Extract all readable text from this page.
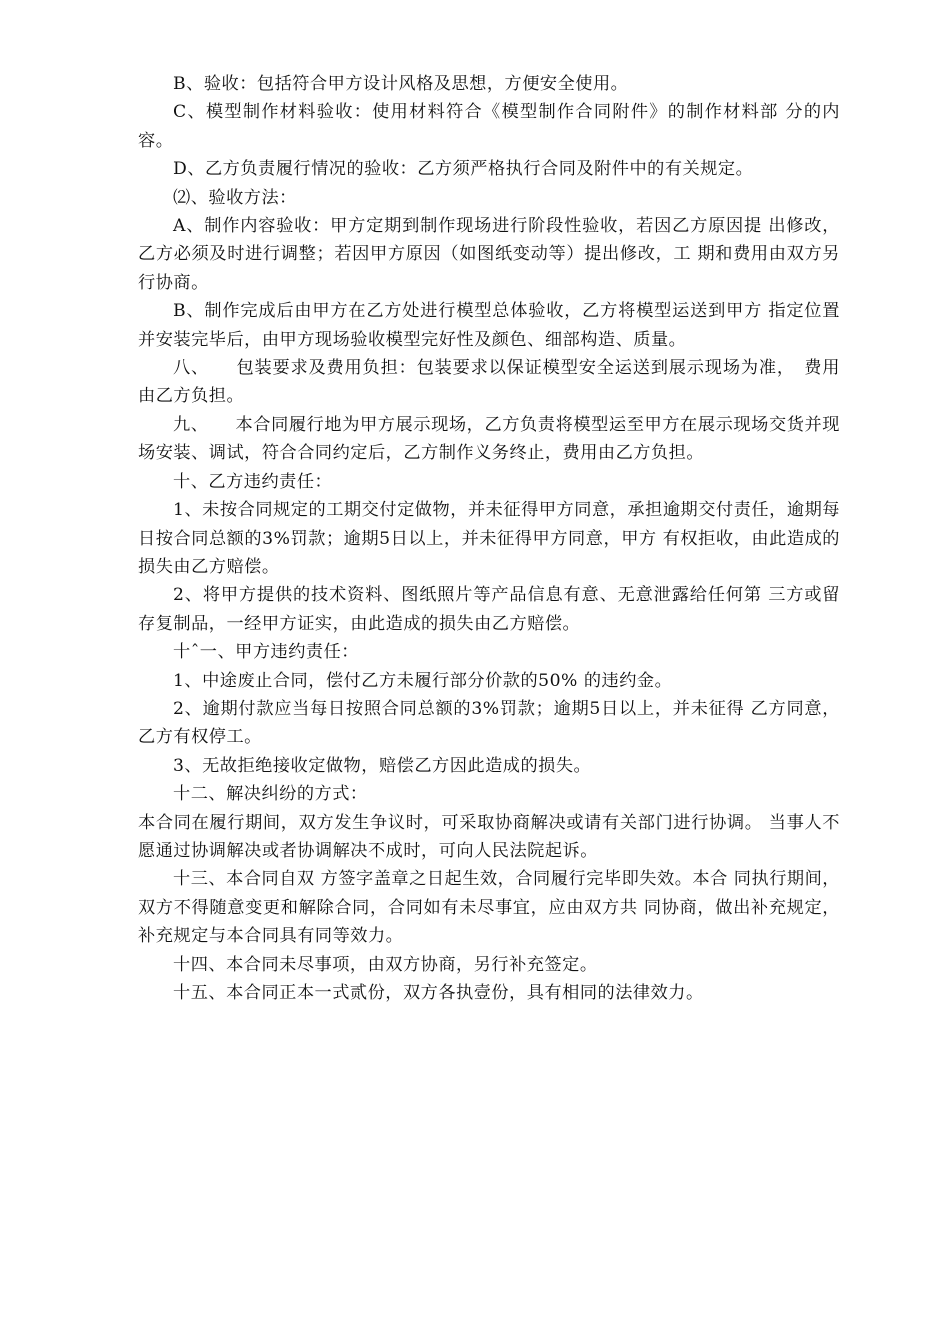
B、验收：包括符合甲方设计风格及思想，方便安全使用。

C、模型制作材料验收：使用材料符合《模型制作合同附件》的制作材料部 分的内容。

D、乙方负责履行情况的验收：乙方须严格执行合同及附件中的有关规定。

⑵、验收方法：

A、制作内容验收：甲方定期到制作现场进行阶段性验收，若因乙方原因提 出修改，乙方必须及时进行调整；若因甲方原因（如图纸变动等）提出修改，工 期和费用由双方另行协商。

B、制作完成后由甲方在乙方处进行模型总体验收，乙方将模型运送到甲方 指定位置并安装完毕后，由甲方现场验收模型完好性及颜色、细部构造、质量。

八、　　包装要求及费用负担：包装要求以保证模型安全运送到展示现场为准，　费用由乙方负担。

九、　　本合同履行地为甲方展示现场，乙方负责将模型运至甲方在展示现场交货并现场安装、调试，符合合同约定后，乙方制作义务终止，费用由乙方负担。

十、乙方违约责任：

1、未按合同规定的工期交付定做物，并未征得甲方同意，承担逾期交付责任，逾期每日按合同总额的3%罚款；逾期5日以上，并未征得甲方同意，甲方 有权拒收，由此造成的损失由乙方赔偿。

2、将甲方提供的技术资料、图纸照片等产品信息有意、无意泄露给任何第 三方或留存复制品，一经甲方证实，由此造成的损失由乙方赔偿。

十ˆ一、甲方违约责任：

1、中途废止合同，偿付乙方未履行部分价款的50% 的违约金。

2、逾期付款应当每日按照合同总额的3%罚款；逾期5日以上，并未征得 乙方同意，乙方有权停工。

3、无故拒绝接收定做物，赔偿乙方因此造成的损失。

十二、解决纠纷的方式：

本合同在履行期间，双方发生争议时，可采取协商解决或请有关部门进行协调。 当事人不愿通过协调解决或者协调解决不成时，可向人民法院起诉。

十三、本合同自双 方签字盖章之日起生效，合同履行完毕即失效。本合 同执行期间，双方不得随意变更和解除合同，合同如有未尽事宜，应由双方共 同协商，做出补充规定，补充规定与本合同具有同等效力。

十四、本合同未尽事项，由双方协商，另行补充签定。

十五、本合同正本一式贰份，双方各执壹份，具有相同的法律效力。
